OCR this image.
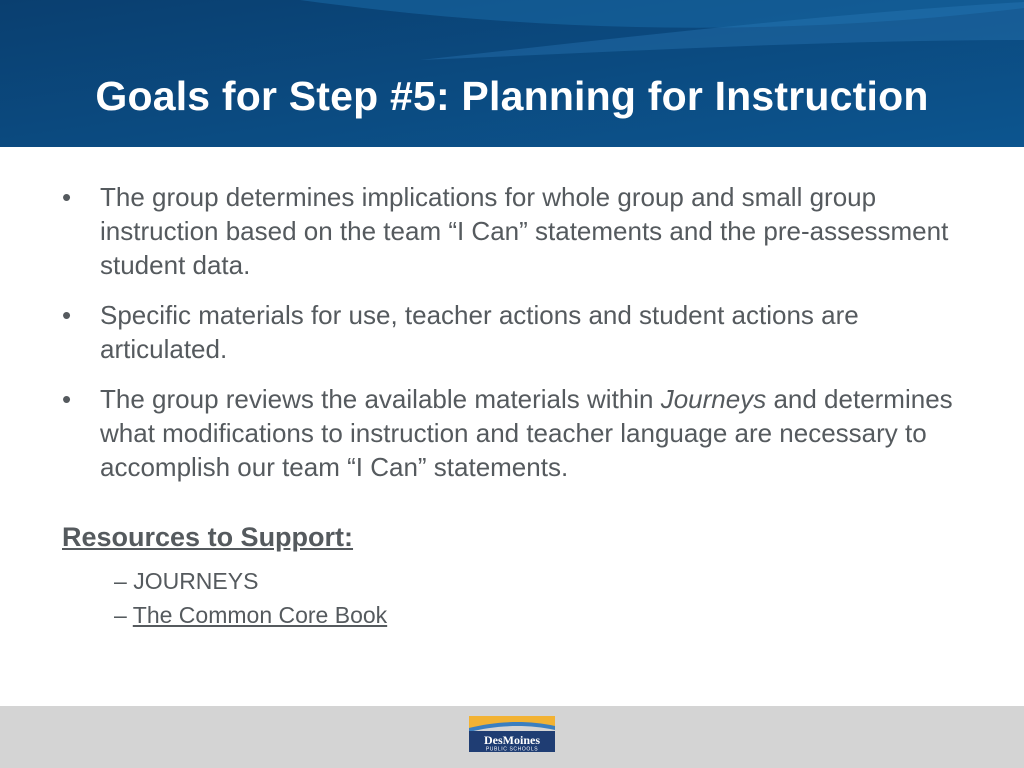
Goals for Step #5: Planning for Instruction
• The group determines implications for whole group and small group instruction based on the team “I Can” statements and the pre-assessment student data.
• Specific materials for use, teacher actions and student actions are articulated.
• The group reviews the available materials within Journeys and determines what modifications to instruction and teacher language are necessary to accomplish our team “I Can” statements.
Resources to Support:
– JOURNEYS
– The Common Core Book
DesMoines
PUBLIC SCHOOLS
